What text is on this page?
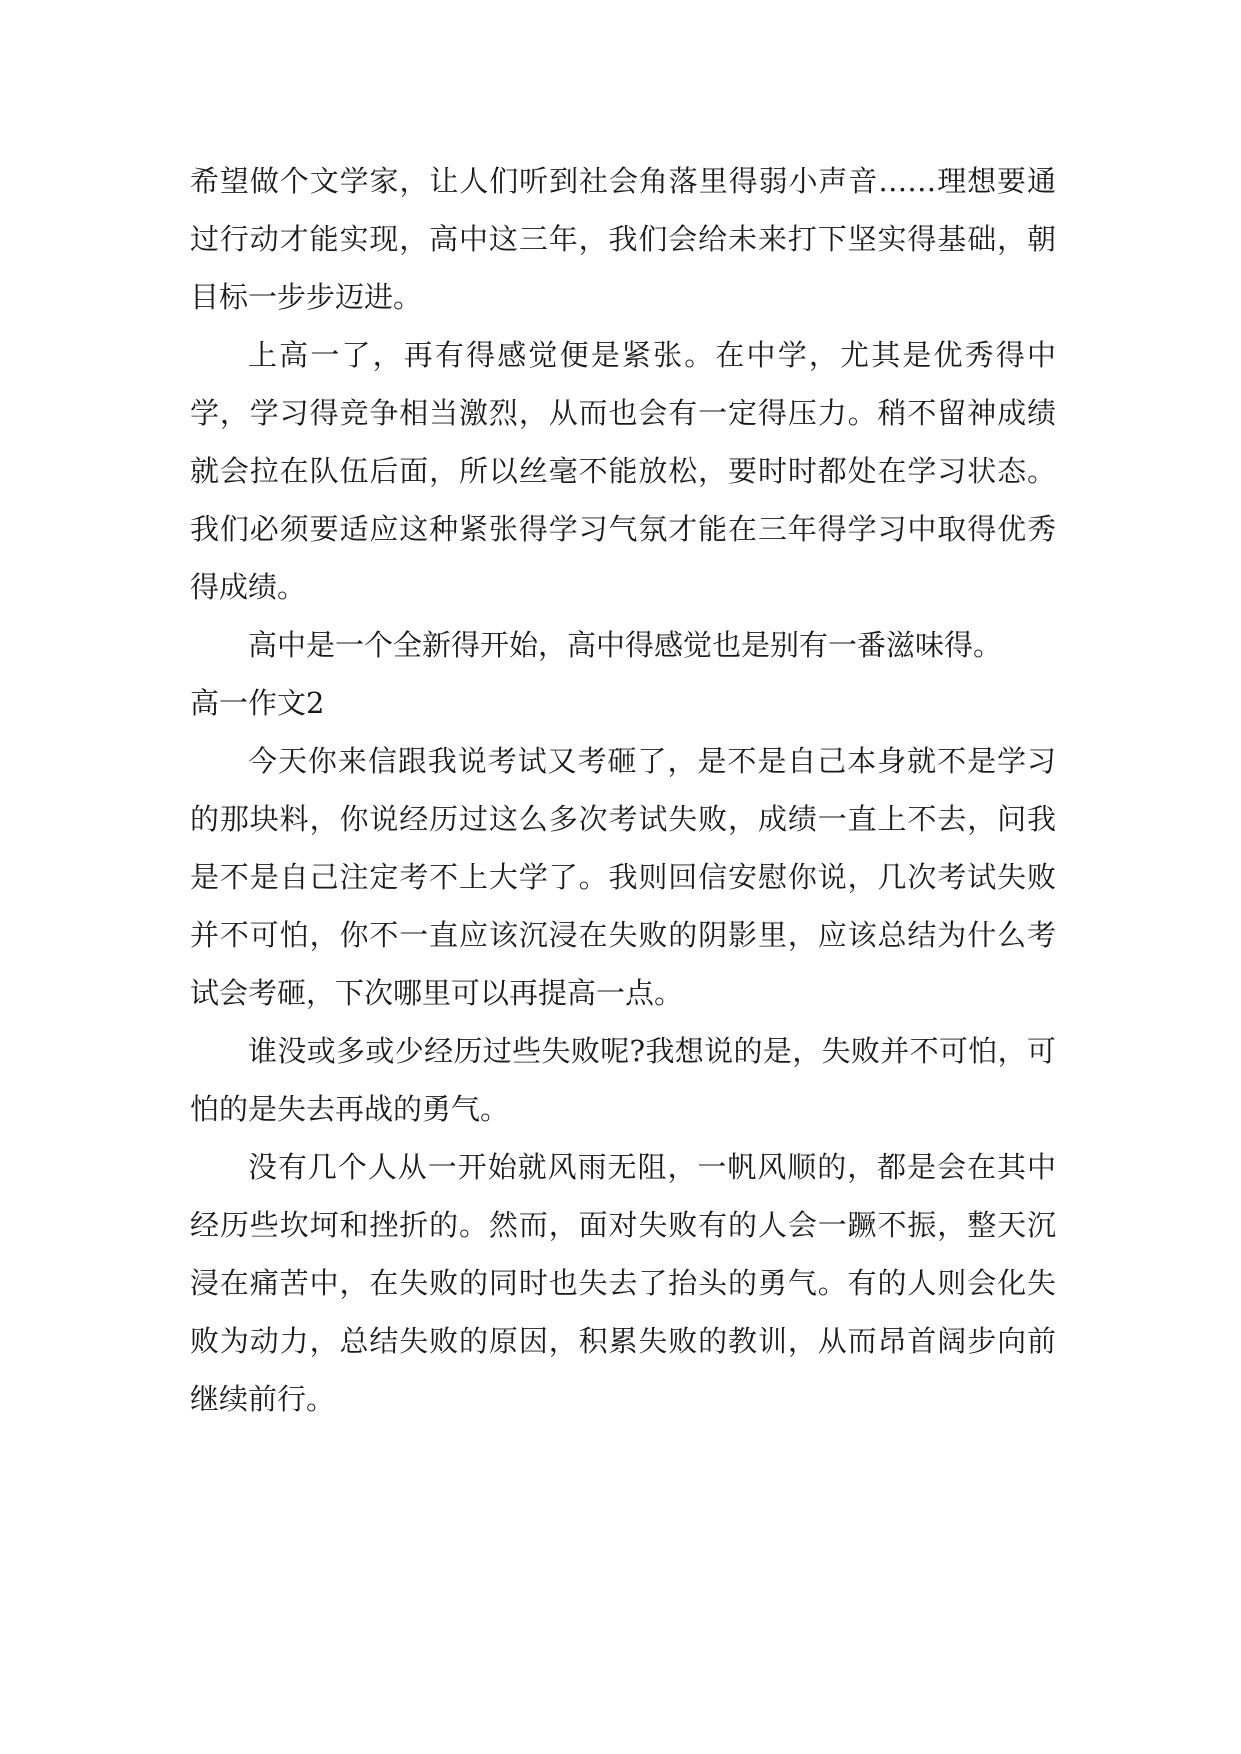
希望做个文学家，让人们听到社会角落里得弱小声音……理想要通过行动才能实现，高中这三年，我们会给未来打下坚实得基础，朝目标一步步迈进。

上高一了，再有得感觉便是紧张。在中学，尤其是优秀得中学，学习得竞争相当激烈，从而也会有一定得压力。稍不留神成绩就会拉在队伍后面，所以丝毫不能放松，要时时都处在学习状态。我们必须要适应这种紧张得学习气氛才能在三年得学习中取得优秀得成绩。

高中是一个全新得开始，高中得感觉也是别有一番滋味得。

高一作文2

今天你来信跟我说考试又考砸了，是不是自己本身就不是学习的那块料，你说经历过这么多次考试失败，成绩一直上不去，问我是不是自己注定考不上大学了。我则回信安慰你说，几次考试失败并不可怕，你不一直应该沉浸在失败的阴影里，应该总结为什么考试会考砸，下次哪里可以再提高一点。

谁没或多或少经历过些失败呢?我想说的是，失败并不可怕，可怕的是失去再战的勇气。

没有几个人从一开始就风雨无阻，一帆风顺的，都是会在其中经历些坎坷和挫折的。然而，面对失败有的人会一蹶不振，整天沉浸在痛苦中，在失败的同时也失去了抬头的勇气。有的人则会化失败为动力，总结失败的原因，积累失败的教训，从而昂首阔步向前继续前行。
